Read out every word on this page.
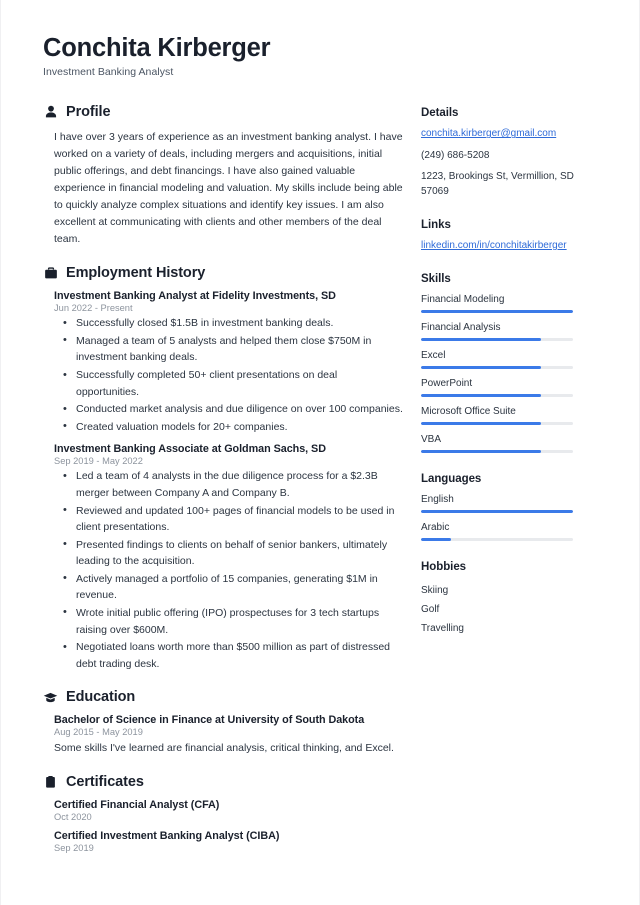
Conchita Kirberger

Investment Banking Analyst

Profile

I have over 3 years of experience as an investment banking analyst. I have worked on a variety of deals, including mergers and acquisitions, initial public offerings, and debt financings. I have also gained valuable experience in financial modeling and valuation. My skills include being able to quickly analyze complex situations and identify key issues. I am also excellent at communicating with clients and other members of the deal team.

Employment History

Investment Banking Analyst at Fidelity Investments, SD

Jun 2022 - Present

• Successfully closed $1.5B in investment banking deals.
• Managed a team of 5 analysts and helped them close $750M in investment banking deals.
• Successfully completed 50+ client presentations on deal opportunities.
• Conducted market analysis and due diligence on over 100 companies.
• Created valuation models for 20+ companies.

Investment Banking Associate at Goldman Sachs, SD

Sep 2019 - May 2022

• Led a team of 4 analysts in the due diligence process for a $2.3B merger between Company A and Company B.
• Reviewed and updated 100+ pages of financial models to be used in client presentations.
• Presented findings to clients on behalf of senior bankers, ultimately leading to the acquisition.
• Actively managed a portfolio of 15 companies, generating $1M in revenue.
• Wrote initial public offering (IPO) prospectuses for 3 tech startups raising over $600M.
• Negotiated loans worth more than $500 million as part of distressed debt trading desk.
Education

Bachelor of Science in Finance at University of South Dakota

Aug 2015 - May 2019

Some skills I've learned are financial analysis, critical thinking, and Excel.

Certificates

Certified Financial Analyst (CFA)

Oct 2020

Certified Investment Banking Analyst (CIBA)

Sep 2019

Details

conchita.kirberger@gmail.com

(249) 686-5208

1223, Brookings St, Vermillion, SD 57069

Links

linkedin.com/in/conchitakirberger

Skills

Financial Modeling
Financial Analysis
Excel
PowerPoint
Microsoft Office Suite
VBA

Languages

English
Arabic

Hobbies

Skiing
Golf
Travelling
